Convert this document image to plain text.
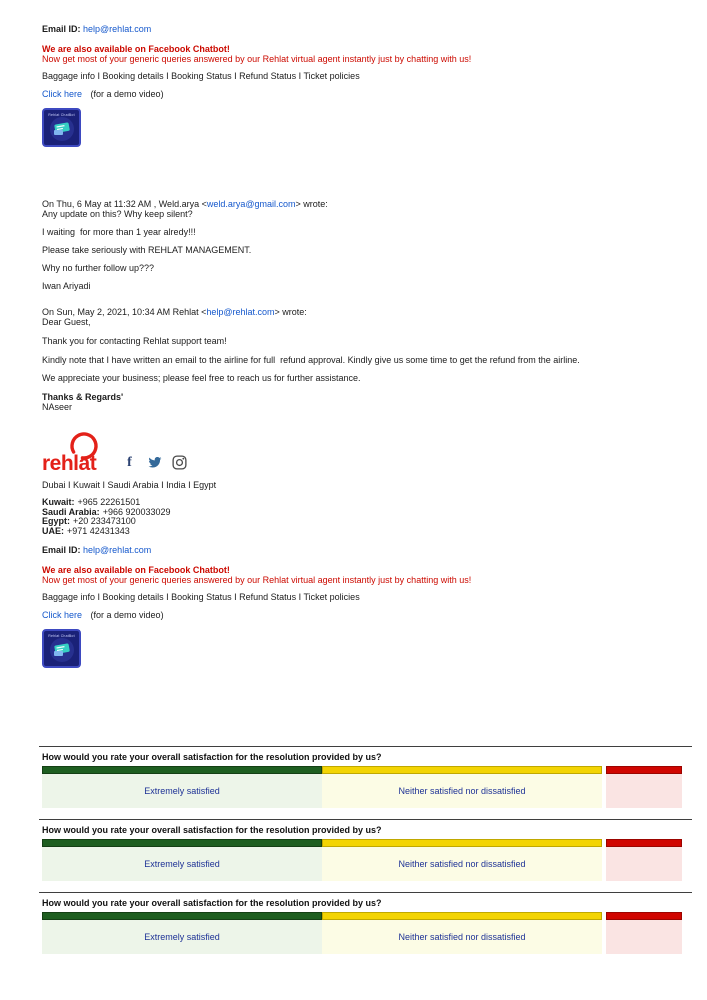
Email ID: help@rehlat.com
We are also available on Facebook Chatbot!
Now get most of your generic queries answered by our Rehlat virtual agent instantly just by chatting with us!
Baggage info I Booking details I Booking Status I Refund Status I Ticket policies
Click here (for a demo video)
Rehlat ChatBot
On Thu, 6 May at 11:32 AM , Weld.arya <weld.arya@gmail.com> wrote:
Any update on this? Why keep silent?
I waiting  for more than 1 year alredy!!!
Please take seriously with REHLAT MANAGEMENT.
Why no further follow up???
Iwan Ariyadi
On Sun, May 2, 2021, 10:34 AM Rehlat <help@rehlat.com> wrote:
Dear Guest,
Thank you for contacting Rehlat support team!
Kindly note that I have written an email to the airline for full  refund approval. Kindly give us some time to get the refund from the airline.
We appreciate your business; please feel free to reach us for further assistance.
Thanks & Regards'
NAseer
rehlat f
Dubai I Kuwait I Saudi Arabia I India I Egypt
Kuwait: +965 22261501
Saudi Arabia: +966 920033029
Egypt: +20 233473100
UAE: +971 42431343
Email ID: help@rehlat.com
We are also available on Facebook Chatbot!
Now get most of your generic queries answered by our Rehlat virtual agent instantly just by chatting with us!
Baggage info I Booking details I Booking Status I Refund Status I Ticket policies
Click here (for a demo video)
Rehlat ChatBot
How would you rate your overall satisfaction for the resolution provided by us?
Extremely satisfied	Neither satisfied nor dissatisfied
How would you rate your overall satisfaction for the resolution provided by us?
Extremely satisfied	Neither satisfied nor dissatisfied
How would you rate your overall satisfaction for the resolution provided by us?
Extremely satisfied	Neither satisfied nor dissatisfied
